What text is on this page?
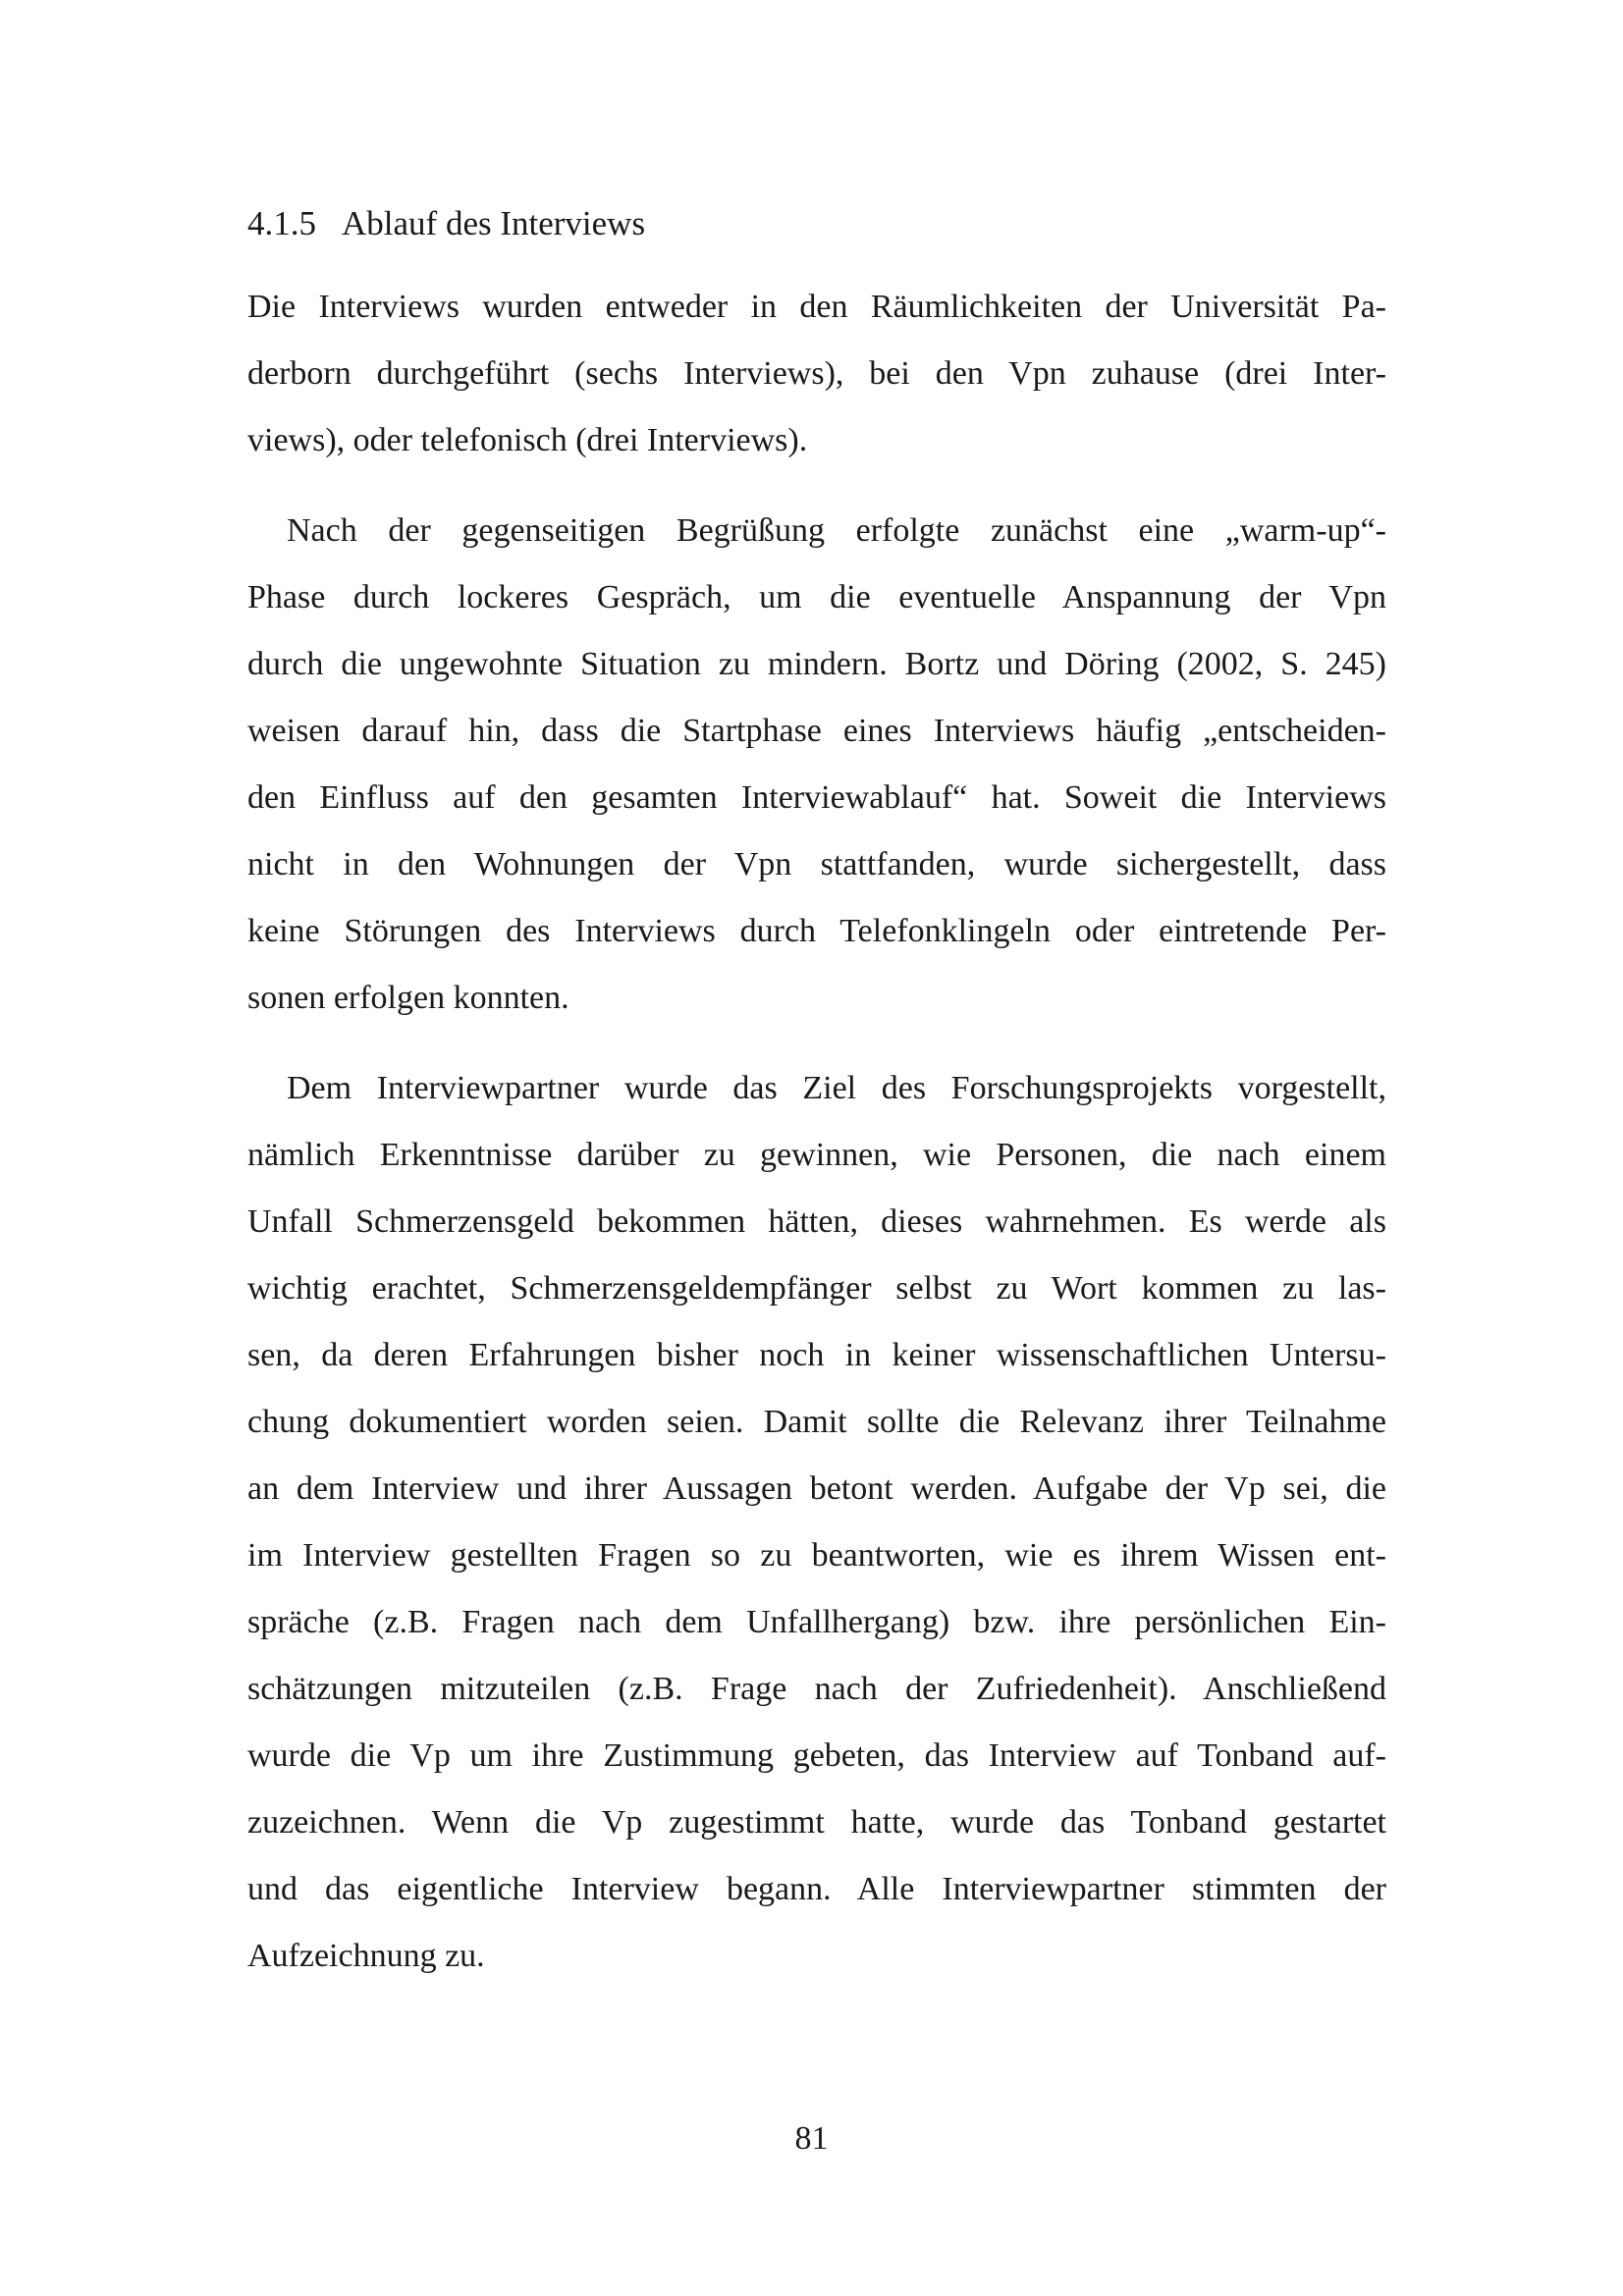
4.1.5 Ablauf des Interviews
Die Interviews wurden entweder in den Räumlichkeiten der Universität Pa-
derborn durchgeführt (sechs Interviews), bei den Vpn zuhause (drei Inter-
views), oder telefonisch (drei Interviews).
Nach der gegenseitigen Begrüßung erfolgte zunächst eine „warm-up“-
Phase durch lockeres Gespräch, um die eventuelle Anspannung der Vpn
durch die ungewohnte Situation zu mindern. Bortz und Döring (2002, S. 245)
weisen darauf hin, dass die Startphase eines Interviews häufig „entscheiden-
den Einfluss auf den gesamten Interviewablauf“ hat. Soweit die Interviews
nicht in den Wohnungen der Vpn stattfanden, wurde sichergestellt, dass
keine Störungen des Interviews durch Telefonklingeln oder eintretende Per-
sonen erfolgen konnten.
Dem Interviewpartner wurde das Ziel des Forschungsprojekts vorgestellt,
nämlich Erkenntnisse darüber zu gewinnen, wie Personen, die nach einem
Unfall Schmerzensgeld bekommen hätten, dieses wahrnehmen. Es werde als
wichtig erachtet, Schmerzensgeldempfänger selbst zu Wort kommen zu las-
sen, da deren Erfahrungen bisher noch in keiner wissenschaftlichen Untersu-
chung dokumentiert worden seien. Damit sollte die Relevanz ihrer Teilnahme
an dem Interview und ihrer Aussagen betont werden. Aufgabe der Vp sei, die
im Interview gestellten Fragen so zu beantworten, wie es ihrem Wissen ent-
spräche (z.B. Fragen nach dem Unfallhergang) bzw. ihre persönlichen Ein-
schätzungen mitzuteilen (z.B. Frage nach der Zufriedenheit). Anschließend
wurde die Vp um ihre Zustimmung gebeten, das Interview auf Tonband auf-
zuzeichnen. Wenn die Vp zugestimmt hatte, wurde das Tonband gestartet
und das eigentliche Interview begann. Alle Interviewpartner stimmten der
Aufzeichnung zu.
81
